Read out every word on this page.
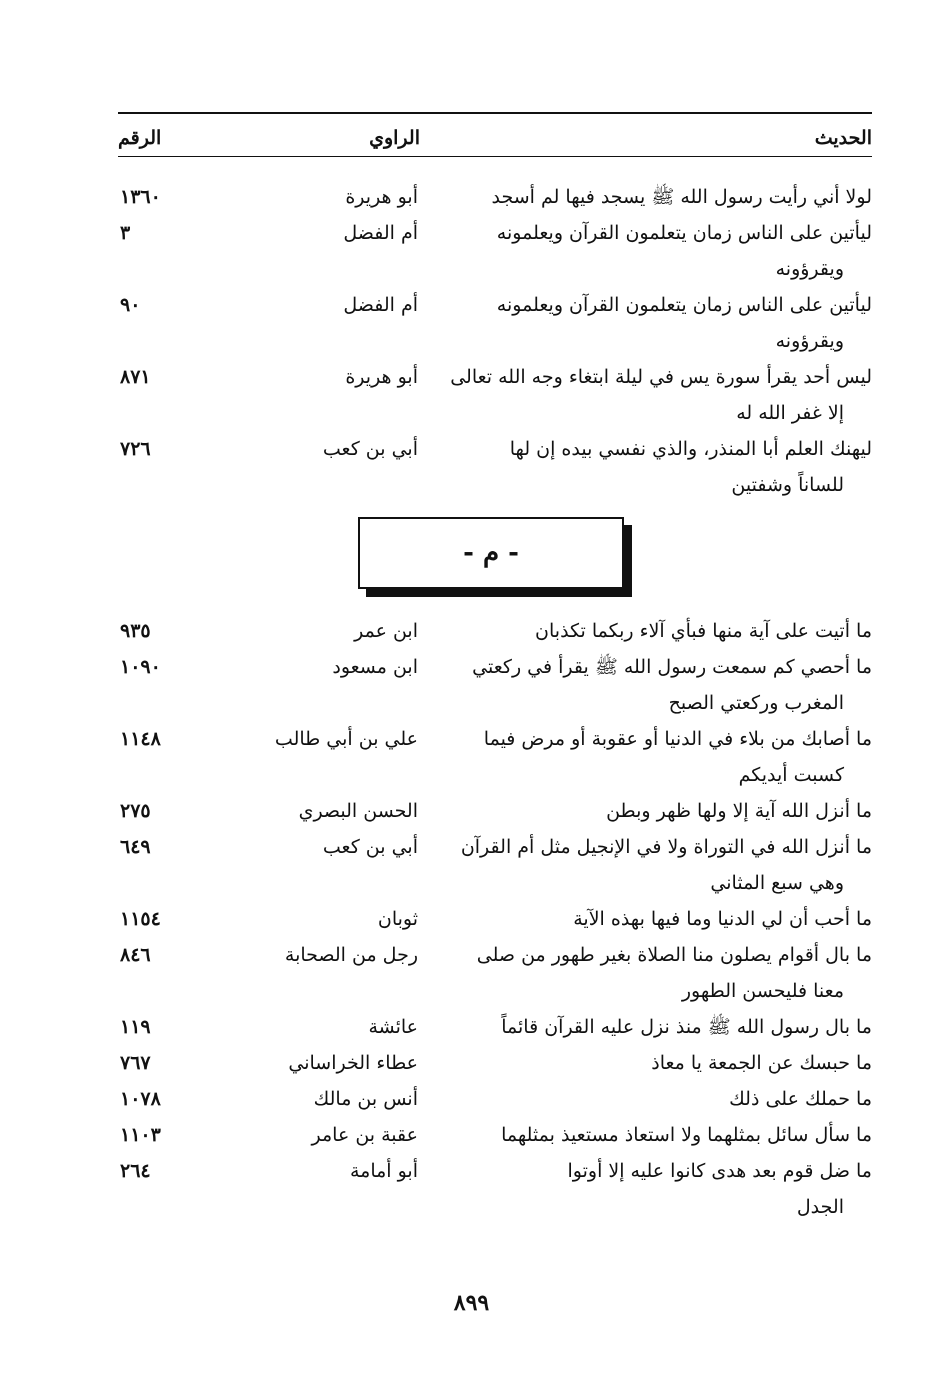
الرقم	الراوي	الحديث
لولا أني رأيت رسول الله ﷺ يسجد فيها لم أسجد
أبو هريرة
١٣٦٠
ليأتين على الناس زمان يتعلمون القرآن ويعلمونه
ويقرؤونه
أم الفضل
٣
ليأتين على الناس زمان يتعلمون القرآن ويعلمونه
ويقرؤونه
أم الفضل
٩٠
ليس أحد يقرأ سورة يس في ليلة ابتغاء وجه الله تعالى
إلا غفر الله له
أبو هريرة
٨٧١
ليهنك العلم أبا المنذر، والذي نفسي بيده إن لها
للساناً وشفتين
أبي بن كعب
٧٢٦
- م -
ما أتيت على آية منها فبأي آلاء ربكما تكذبان
ابن عمر
٩٣٥
ما أحصي كم سمعت رسول الله ﷺ يقرأ في ركعتي
المغرب وركعتي الصبح
ابن مسعود
١٠٩٠
ما أصابك من بلاء في الدنيا أو عقوبة أو مرض فيما
كسبت أيديكم
علي بن أبي طالب
١١٤٨
ما أنزل الله آية إلا ولها ظهر وبطن
الحسن البصري
٢٧٥
ما أنزل الله في التوراة ولا في الإنجيل مثل أم القرآن
وهي سبع المثاني
أبي بن كعب
٦٤٩
ما أحب أن لي الدنيا وما فيها بهذه الآية
ثوبان
١١٥٤
ما بال أقوام يصلون منا الصلاة بغير طهور من صلى
معنا فليحسن الطهور
رجل من الصحابة
٨٤٦
ما بال رسول الله ﷺ منذ نزل عليه القرآن قائماً
عائشة
١١٩
ما حبسك عن الجمعة يا معاذ
عطاء الخراساني
٧٦٧
ما حملك على ذلك
أنس بن مالك
١٠٧٨
ما سأل سائل بمثلهما ولا استعاذ مستعيذ بمثلهما
عقبة بن عامر
١١٠٣
ما ضل قوم بعد هدى كانوا عليه إلا أوتوا
الجدل
أبو أمامة
٢٦٤
٨٩٩
